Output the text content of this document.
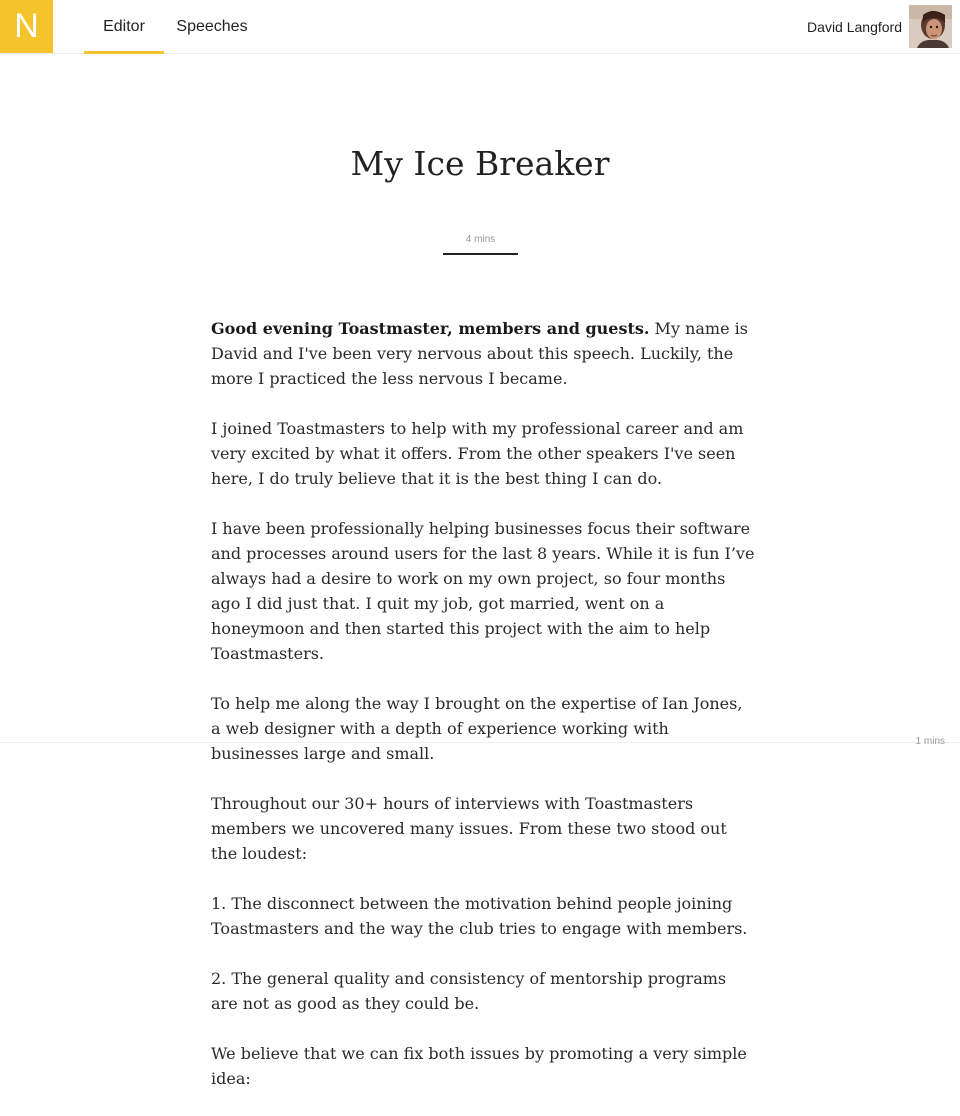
N	Editor Speeches	David Langford
My Ice Breaker
4 mins

Good evening Toastmaster, members and guests. My name is David and I've been very nervous about this speech. Luckily, the more I practiced the less nervous I became.

I joined Toastmasters to help with my professional career and am very excited by what it offers. From the other speakers I've seen here, I do truly believe that it is the best thing I can do.

I have been professionally helping businesses focus their software and processes around users for the last 8 years. While it is fun I’ve always had a desire to work on my own project, so four months ago I did just that. I quit my job, got married, went on a honeymoon and then started this project with the aim to help Toastmasters.

To help me along the way I brought on the expertise of Ian Jones, a web designer with a depth of experience working with businesses large and small.

Throughout our 30+ hours of interviews with Toastmasters members we uncovered many issues. From these two stood out the loudest:

1. The disconnect between the motivation behind people joining Toastmasters and the way the club tries to engage with members.

2. The general quality and consistency of mentorship programs are not as good as they could be.

We believe that we can fix both issues by promoting a very simple idea:

1 mins
